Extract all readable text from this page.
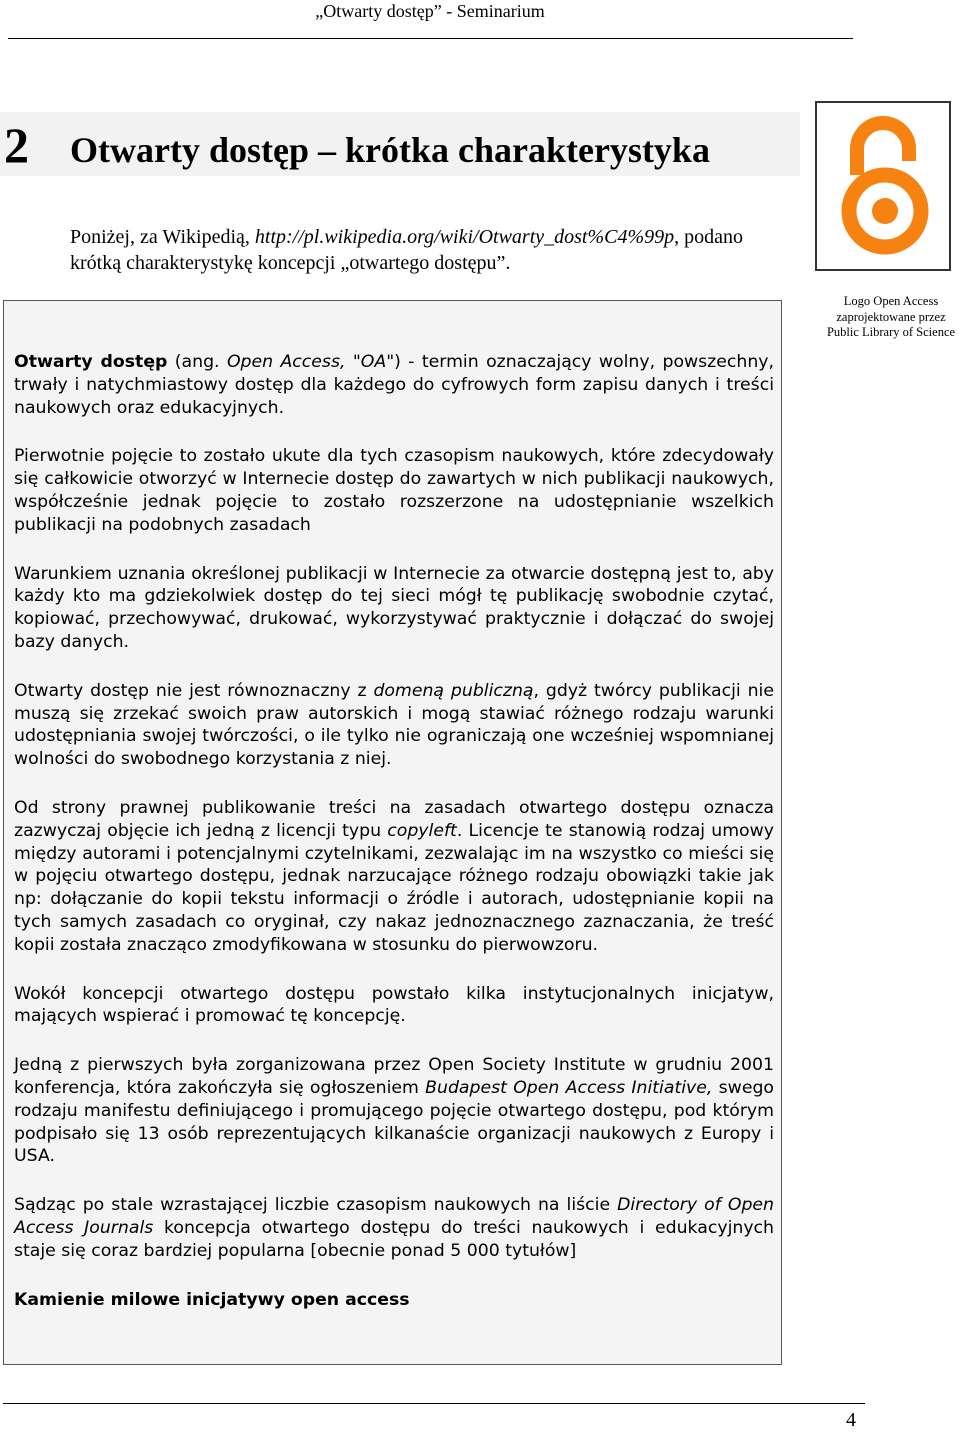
„Otwarty dostęp” - Seminarium
2 Otwarty dostęp – krótka charakterystyka
Poniżej, za Wikipedią, http://pl.wikipedia.org/wiki/Otwarty_dost%C4%99p, podano krótką charakterystykę koncepcji „otwartego dostępu”.
Logo Open Access
zaprojektowane przez
Public Library of Science

Otwarty dostęp (ang. Open Access, "OA") - termin oznaczający wolny, powszechny, trwały i natychmiastowy dostęp dla każdego do cyfrowych form zapisu danych i treści naukowych oraz edukacyjnych.

Pierwotnie pojęcie to zostało ukute dla tych czasopism naukowych, które zdecydowały się całkowicie otworzyć w Internecie dostęp do zawartych w nich publikacji naukowych, współcześnie jednak pojęcie to zostało rozszerzone na udostępnianie wszelkich publikacji na podobnych zasadach

Warunkiem uznania określonej publikacji w Internecie za otwarcie dostępną jest to, aby każdy kto ma gdziekolwiek dostęp do tej sieci mógł tę publikację swobodnie czytać, kopiować, przechowywać, drukować, wykorzystywać praktycznie i dołączać do swojej bazy danych.

Otwarty dostęp nie jest równoznaczny z domeną publiczną, gdyż twórcy publikacji nie muszą się zrzekać swoich praw autorskich i mogą stawiać różnego rodzaju warunki udostępniania swojej twórczości, o ile tylko nie ograniczają one wcześniej wspomnianej wolności do swobodnego korzystania z niej.

Od strony prawnej publikowanie treści na zasadach otwartego dostępu oznacza zazwyczaj objęcie ich jedną z licencji typu copyleft. Licencje te stanowią rodzaj umowy między autorami i potencjalnymi czytelnikami, zezwalając im na wszystko co mieści się w pojęciu otwartego dostępu, jednak narzucające różnego rodzaju obowiązki takie jak np: dołączanie do kopii tekstu informacji o źródle i autorach, udostępnianie kopii na tych samych zasadach co oryginał, czy nakaz jednoznacznego zaznaczania, że treść kopii została znacząco zmodyfikowana w stosunku do pierwowzoru.

Wokół koncepcji otwartego dostępu powstało kilka instytucjonalnych inicjatyw, mających wspierać i promować tę koncepcję.

Jedną z pierwszych była zorganizowana przez Open Society Institute w grudniu 2001 konferencja, która zakończyła się ogłoszeniem Budapest Open Access Initiative, swego rodzaju manifestu definiującego i promującego pojęcie otwartego dostępu, pod którym podpisało się 13 osób reprezentujących kilkanaście organizacji naukowych z Europy i USA.

Sądząc po stale wzrastającej liczbie czasopism naukowych na liście Directory of Open Access Journals koncepcja otwartego dostępu do treści naukowych i edukacyjnych staje się coraz bardziej popularna [obecnie ponad 5 000 tytułów]

Kamienie milowe inicjatywy open access

4
